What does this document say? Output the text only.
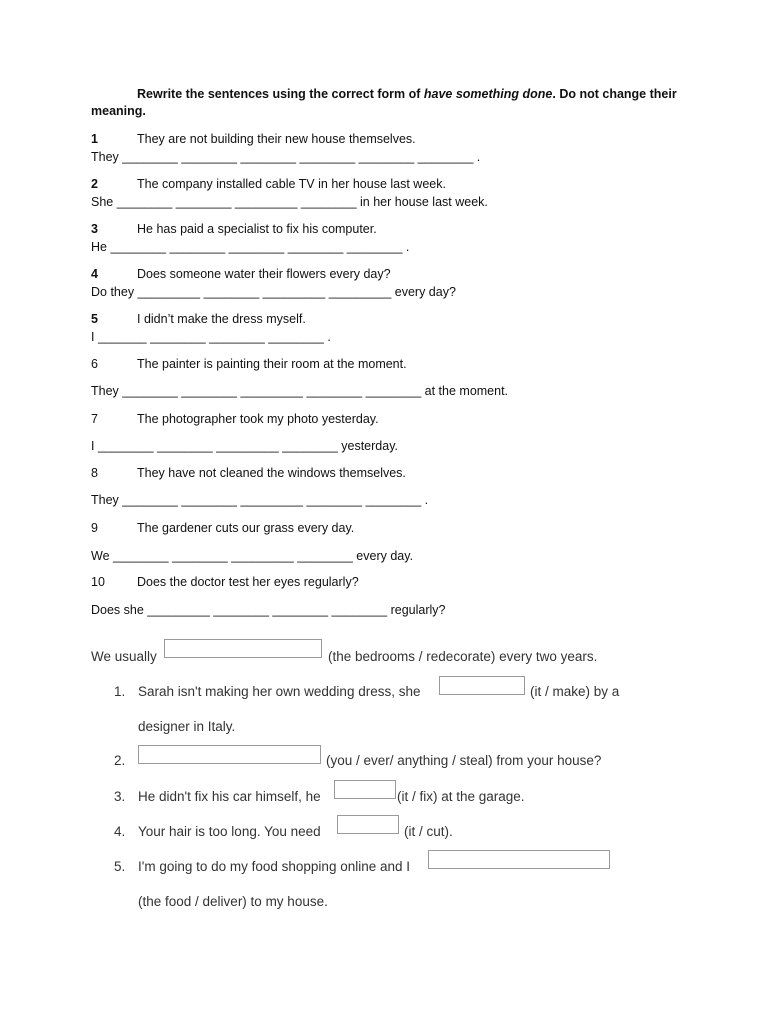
Rewrite the sentences using the correct form of have something done. Do not change their meaning.
1	They are not building their new house themselves.
They ________ ________ ________ ________ ________ ________ .
2	The company installed cable TV in her house last week.
She ________ ________ _________ ________ in her house last week.
3	He has paid a specialist to fix his computer.
He ________ ________ ________ ________ ________ .
4	Does someone water their flowers every day?
Do they _________ ________ _________ _________ every day?
5	I didn’t make the dress myself.
I _______ ________ ________ ________ .
6	The painter is painting their room at the moment.
They ________ ________ _________ ________ ________ at the moment.
7	The photographer took my photo yesterday.
I ________ ________ _________ ________ yesterday.
8	They have not cleaned the windows themselves.
They ________ ________ _________ ________ ________ .
9	The gardener cuts our grass every day.
We ________ ________ _________ ________ every day.
10	Does the doctor test her eyes regularly?
Does she _________ ________ ________ ________ regularly?
We usually	(the bedrooms / redecorate) every two years.
1. Sarah isn't making her own wedding dress, she	(it / make) by a
designer in Italy.
2.	(you / ever/ anything / steal) from your house?
3. He didn't fix his car himself, he	(it / fix) at the garage.
4. Your hair is too long. You need	(it / cut).
5. I'm going to do my food shopping online and I
(the food / deliver) to my house.
